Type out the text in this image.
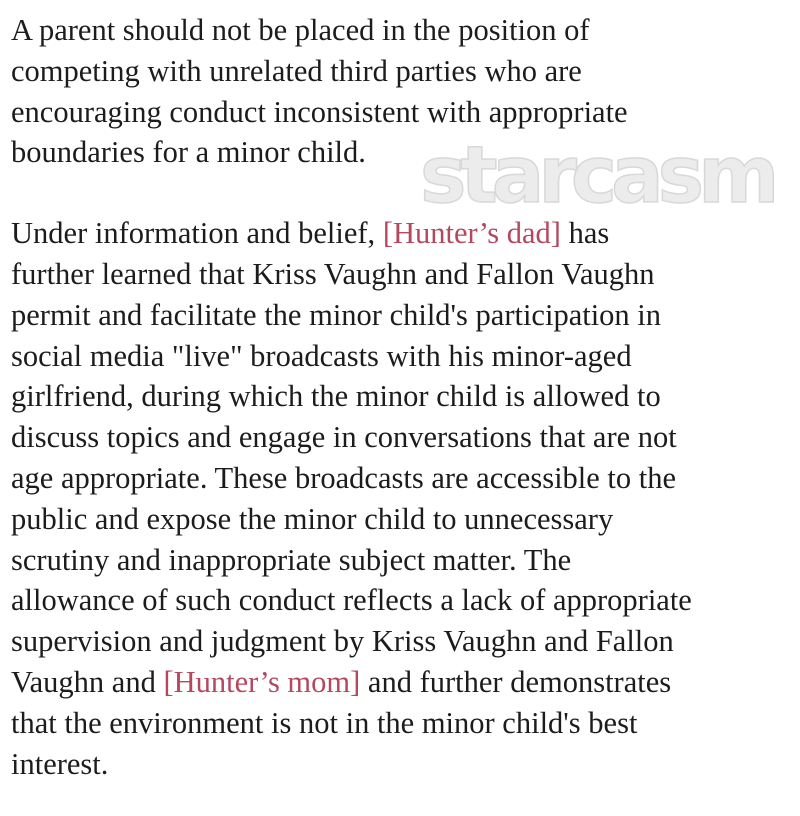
A parent should not be placed in the position of
competing with unrelated third parties who are
encouraging conduct inconsistent with appropriate
boundaries for a minor child.

Under information and belief, [Hunter’s dad] has
further learned that Kriss Vaughn and Fallon Vaughn
permit and facilitate the minor child's participation in
social media "live" broadcasts with his minor-aged
girlfriend, during which the minor child is allowed to
discuss topics and engage in conversations that are not
age appropriate. These broadcasts are accessible to the
public and expose the minor child to unnecessary
scrutiny and inappropriate subject matter. The
allowance of such conduct reflects a lack of appropriate
supervision and judgment by Kriss Vaughn and Fallon
Vaughn and [Hunter’s mom] and further demonstrates
that the environment is not in the minor child's best
interest.

starcasm
